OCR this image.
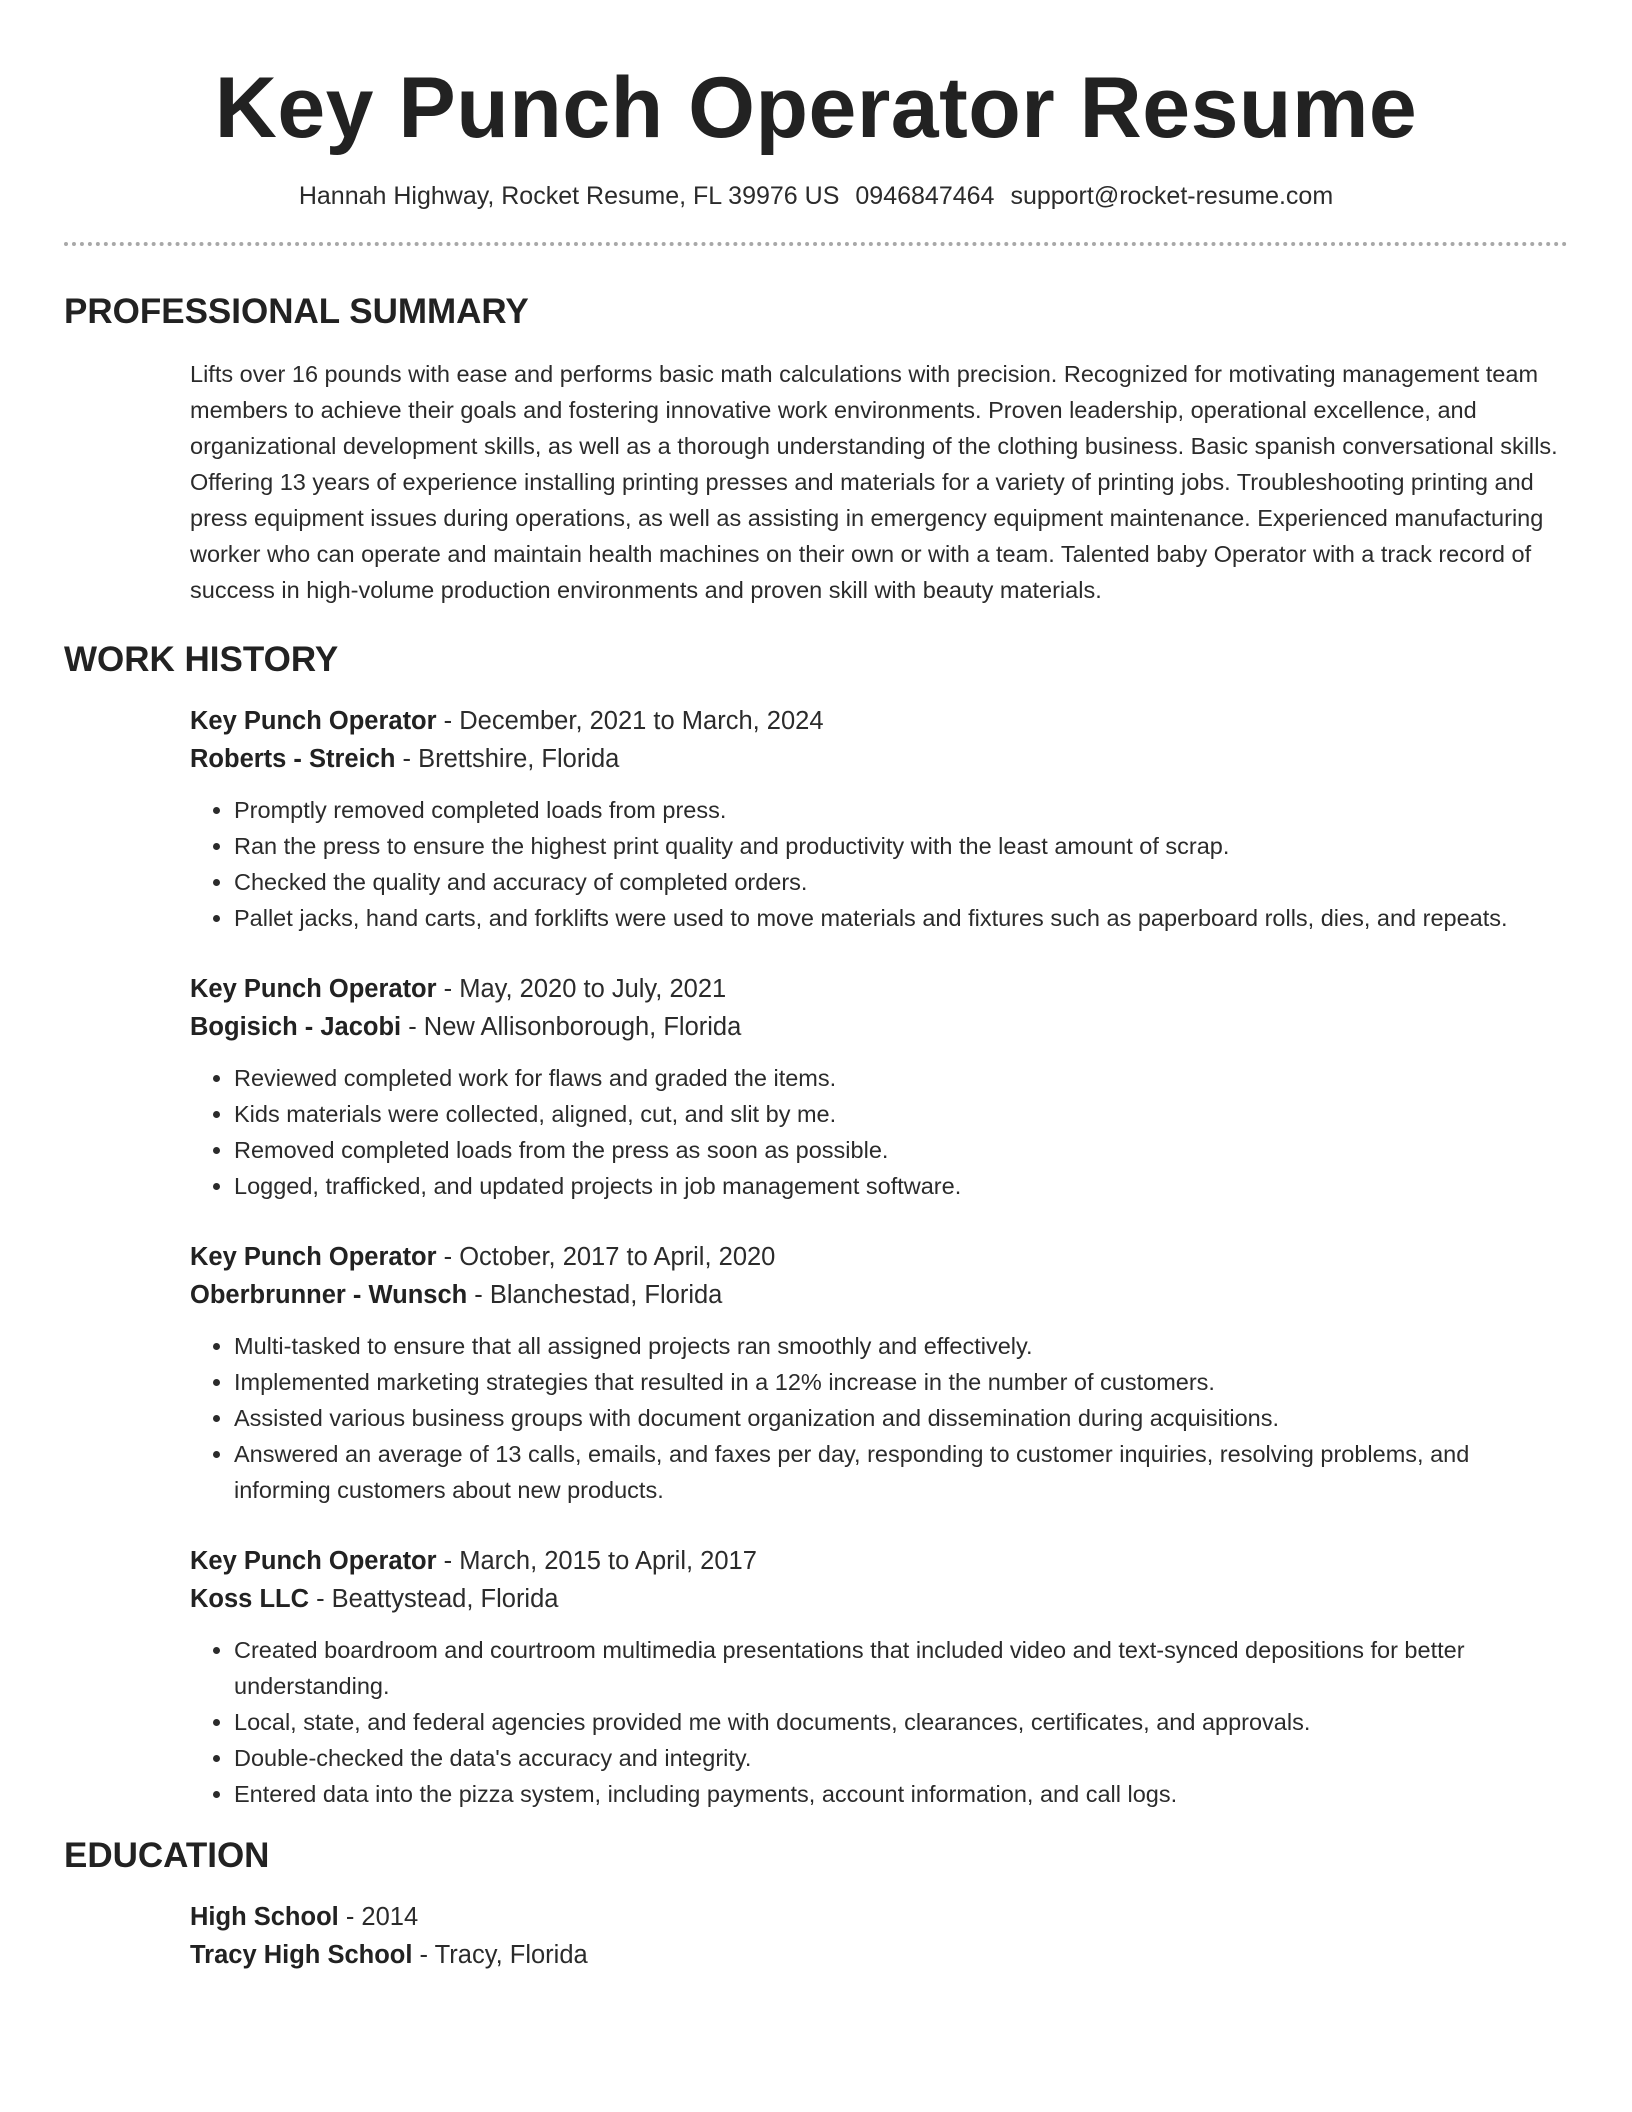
Key Punch Operator Resume
Hannah Highway, Rocket Resume, FL 39976 US 0946847464 support@rocket-resume.com
PROFESSIONAL SUMMARY

Lifts over 16 pounds with ease and performs basic math calculations with precision. Recognized for motivating management team members to achieve their goals and fostering innovative work environments. Proven leadership, operational excellence, and organizational development skills, as well as a thorough understanding of the clothing business. Basic spanish conversational skills. Offering 13 years of experience installing printing presses and materials for a variety of printing jobs. Troubleshooting printing and press equipment issues during operations, as well as assisting in emergency equipment maintenance. Experienced manufacturing worker who can operate and maintain health machines on their own or with a team. Talented baby Operator with a track record of success in high-volume production environments and proven skill with beauty materials.

WORK HISTORY
Key Punch Operator - December, 2021 to March, 2024
Roberts - Streich - Brettshire, Florida
• Promptly removed completed loads from press.
• Ran the press to ensure the highest print quality and productivity with the least amount of scrap.
• Checked the quality and accuracy of completed orders.
• Pallet jacks, hand carts, and forklifts were used to move materials and fixtures such as paperboard rolls, dies, and repeats.
Key Punch Operator - May, 2020 to July, 2021
Bogisich - Jacobi - New Allisonborough, Florida
• Reviewed completed work for flaws and graded the items.
• Kids materials were collected, aligned, cut, and slit by me.
• Removed completed loads from the press as soon as possible.
• Logged, trafficked, and updated projects in job management software.
Key Punch Operator - October, 2017 to April, 2020
Oberbrunner - Wunsch - Blanchestad, Florida
• Multi-tasked to ensure that all assigned projects ran smoothly and effectively.
• Implemented marketing strategies that resulted in a 12% increase in the number of customers.
• Assisted various business groups with document organization and dissemination during acquisitions.
• Answered an average of 13 calls, emails, and faxes per day, responding to customer inquiries, resolving problems, and informing customers about new products.
Key Punch Operator - March, 2015 to April, 2017
Koss LLC - Beattystead, Florida
• Created boardroom and courtroom multimedia presentations that included video and text-synced depositions for better understanding.
• Local, state, and federal agencies provided me with documents, clearances, certificates, and approvals.
• Double-checked the data's accuracy and integrity.
• Entered data into the pizza system, including payments, account information, and call logs.
EDUCATION
High School - 2014
Tracy High School - Tracy, Florida
